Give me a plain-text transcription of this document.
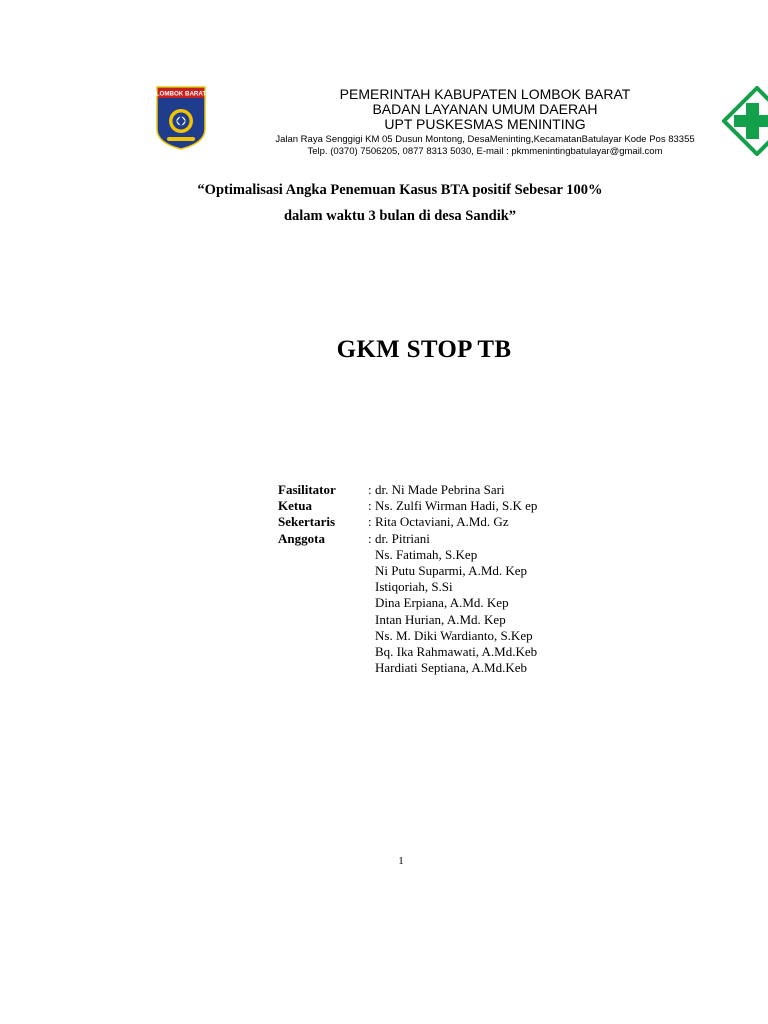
LOMBOK BARAT	PEMERINTAH KABUPATEN LOMBOK BARAT
BADAN LAYANAN UMUM DAERAH
UPT PUSKESMAS MENINTING
Jalan Raya Senggigi KM 05 Dusun Montong, DesaMeninting,KecamatanBatulayar Kode Pos 83355
Telp. (0370) 7506205, 0877 8313 5030, E-mail : pkmmenintingbatulayar@gmail.com
“Optimalisasi Angka Penemuan Kasus BTA positif Sebesar 100%
dalam waktu 3 bulan di desa Sandik”
GKM STOP TB
Fasilitator	: dr. Ni Made Pebrina Sari
Ketua	: Ns. Zulfi Wirman Hadi, S.K ep
Sekertaris	: Rita Octaviani, A.Md. Gz
Anggota	: dr. Pitriani
Ns. Fatimah, S.Kep
Ni Putu Suparmi, A.Md. Kep
Istiqoriah, S.Si
Dina Erpiana, A.Md. Kep
Intan Hurian, A.Md. Kep
Ns. M. Diki Wardianto, S.Kep
Bq. Ika Rahmawati, A.Md.Keb
Hardiati Septiana, A.Md.Keb
1
